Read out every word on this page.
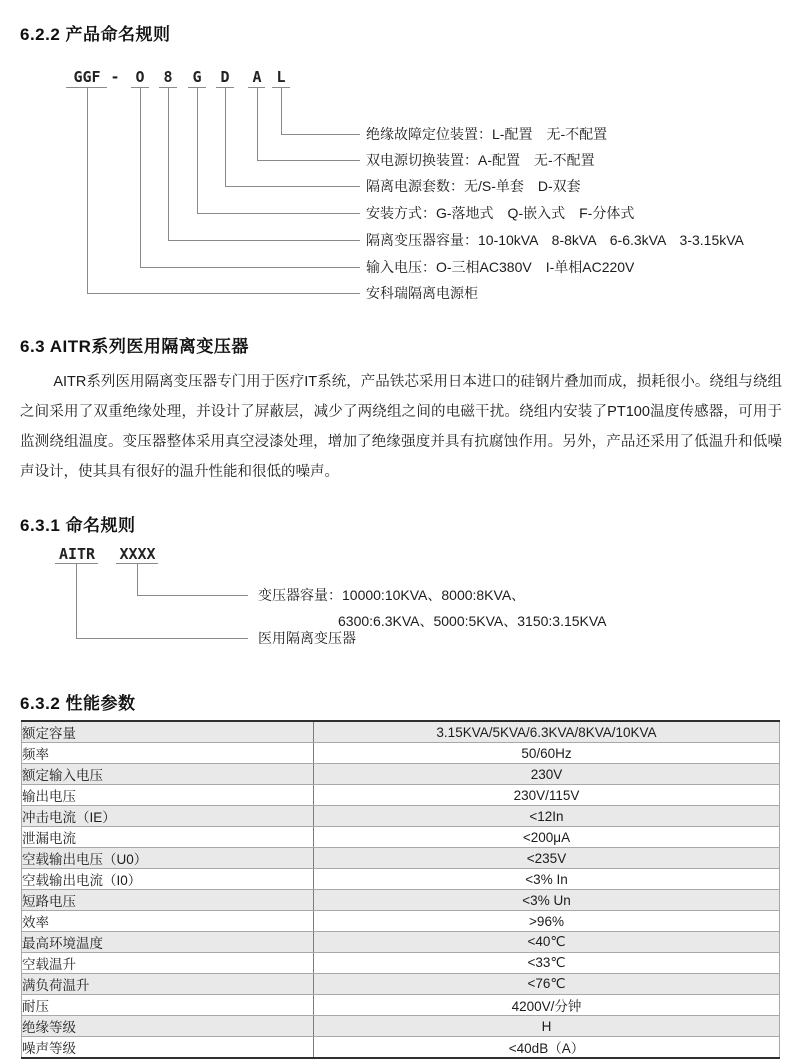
6.2.2 产品命名规则
GGF - O 8 G D A L
绝缘故障定位装置：L-配置　无-不配置
双电源切换装置：A-配置　无-不配置
隔离电源套数：无/S-单套　D-双套
安装方式：G-落地式　Q-嵌入式　F-分体式
隔离变压器容量：10-10kVA　8-8kVA　6-6.3kVA　3-3.15kVA
输入电压：O-三相AC380V　I-单相AC220V
安科瑞隔离电源柜
6.3 AITR系列医用隔离变压器
AITR系列医用隔离变压器专门用于医疗IT系统，产品铁芯采用日本进口的硅钢片叠加而成，损耗很小。绕组与绕组之间采用了双重绝缘处理，并设计了屏蔽层，减少了两绕组之间的电磁干扰。绕组内安装了PT100温度传感器，可用于监测绕组温度。变压器整体采用真空浸漆处理，增加了绝缘强度并具有抗腐蚀作用。另外，产品还采用了低温升和低噪声设计，使其具有很好的温升性能和很低的噪声。
6.3.1 命名规则
AITR XXXX
变压器容量：10000:10KVA、8000:8KVA、
6300:6.3KVA、5000:5KVA、3150:3.15KVA
医用隔离变压器
6.3.2 性能参数
额定容量	3.15KVA/5KVA/6.3KVA/8KVA/10KVA
频率	50/60Hz
额定输入电压	230V
输出电压	230V/115V
冲击电流（IE）	<12In
泄漏电流	<200μA
空载输出电压（U0）	<235V
空载输出电流（I0）	<3% In
短路电压	<3% Un
效率	>96%
最高环境温度	<40℃
空载温升	<33℃
满负荷温升	<76℃
耐压	4200V/分钟
绝缘等级	H
噪声等级	<40dB（A）
